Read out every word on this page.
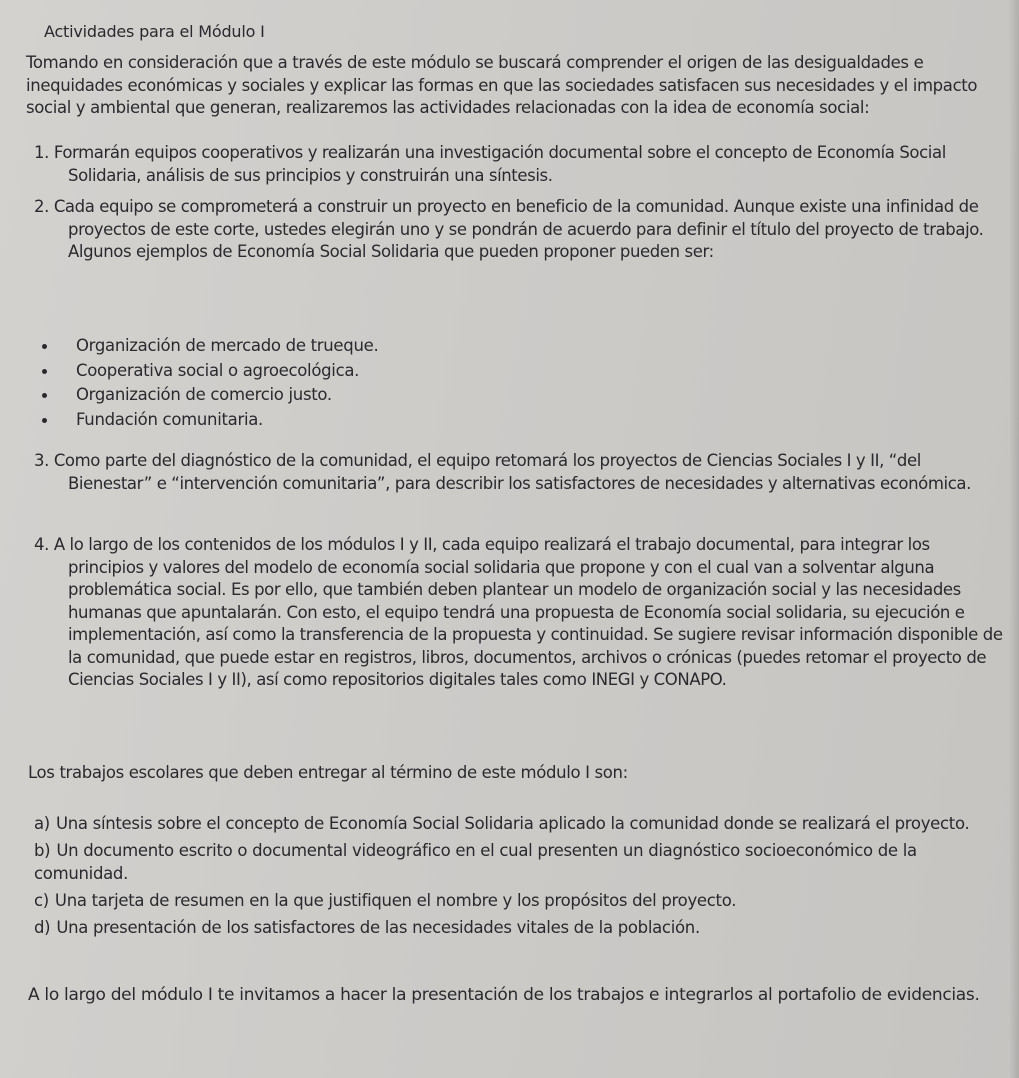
Actividades para el Módulo I
Tomando en consideración que a través de este módulo se buscará comprender el origen de las desigualdades e inequidades económicas y sociales y explicar las formas en que las sociedades satisfacen sus necesidades y el impacto social y ambiental que generan, realizaremos las actividades relacionadas con la idea de economía social:
1. Formarán equipos cooperativos y realizarán una investigación documental sobre el concepto de Economía Social Solidaria, análisis de sus principios y construirán una síntesis.
2. Cada equipo se comprometerá a construir un proyecto en beneficio de la comunidad. Aunque existe una infinidad de proyectos de este corte, ustedes elegirán uno y se pondrán de acuerdo para definir el título del proyecto de trabajo. Algunos ejemplos de Economía Social Solidaria que pueden proponer pueden ser:
Organización de mercado de trueque.
Cooperativa social o agroecológica.
Organización de comercio justo.
Fundación comunitaria.
3. Como parte del diagnóstico de la comunidad, el equipo retomará los proyectos de Ciencias Sociales I y II, “del Bienestar” e “intervención comunitaria”, para describir los satisfactores de necesidades y alternativas económica.
4. A lo largo de los contenidos de los módulos I y II, cada equipo realizará el trabajo documental, para integrar los principios y valores del modelo de economía social solidaria que propone y con el cual van a solventar alguna problemática social. Es por ello, que también deben plantear un modelo de organización social y las necesidades humanas que apuntalarán. Con esto, el equipo tendrá una propuesta de Economía social solidaria, su ejecución e implementación, así como la transferencia de la propuesta y continuidad. Se sugiere revisar información disponible de la comunidad, que puede estar en registros, libros, documentos, archivos o crónicas (puedes retomar el proyecto de Ciencias Sociales I y II), así como repositorios digitales tales como INEGI y CONAPO.
Los trabajos escolares que deben entregar al término de este módulo I son:
a) Una síntesis sobre el concepto de Economía Social Solidaria aplicado la comunidad donde se realizará el proyecto.
b) Un documento escrito o documental videográfico en el cual presenten un diagnóstico socioeconómico de la comunidad.
c) Una tarjeta de resumen en la que justifiquen el nombre y los propósitos del proyecto.
d) Una presentación de los satisfactores de las necesidades vitales de la población.
A lo largo del módulo I te invitamos a hacer la presentación de los trabajos e integrarlos al portafolio de evidencias.
